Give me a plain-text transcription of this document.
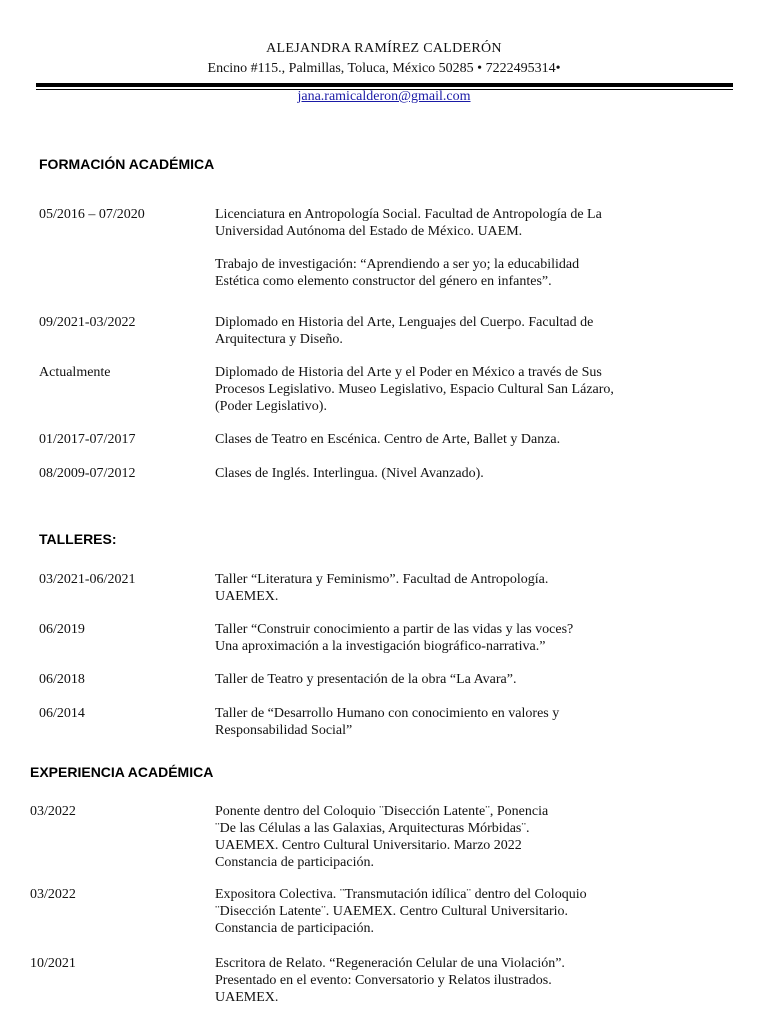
ALEJANDRA RAMÍREZ CALDERÓN
Encino #115., Palmillas, Toluca, México 50285 • 7222495314•
jana.ramicalderon@gmail.com
FORMACIÓN ACADÉMICA
05/2016 – 07/2020	Licenciatura en Antropología Social. Facultad de Antropología de La
Universidad Autónoma del Estado de México. UAEM.
Trabajo de investigación: “Aprendiendo a ser yo; la educabilidad
Estética como elemento constructor del género en infantes”.
09/2021-03/2022	Diplomado en Historia del Arte, Lenguajes del Cuerpo. Facultad de
Arquitectura y Diseño.
Actualmente	Diplomado de Historia del Arte y el Poder en México a través de Sus
Procesos Legislativo. Museo Legislativo, Espacio Cultural San Lázaro,
(Poder Legislativo).
01/2017-07/2017	Clases de Teatro en Escénica. Centro de Arte, Ballet y Danza.
08/2009-07/2012	Clases de Inglés. Interlingua. (Nivel Avanzado).
TALLERES:
03/2021-06/2021	Taller “Literatura y Feminismo”. Facultad de Antropología.
UAEMEX.
06/2019	Taller “Construir conocimiento a partir de las vidas y las voces?
Una aproximación a la investigación biográfico-narrativa.”
06/2018	Taller de Teatro y presentación de la obra “La Avara”.
06/2014	Taller de “Desarrollo Humano con conocimiento en valores y
Responsabilidad Social”
EXPERIENCIA ACADÉMICA
03/2022	Ponente dentro del Coloquio ¨Disección Latente¨, Ponencia
¨De las Células a las Galaxias, Arquitecturas Mórbidas¨.
UAEMEX. Centro Cultural Universitario. Marzo 2022
Constancia de participación.
03/2022	Expositora Colectiva. ¨Transmutación idílica¨ dentro del Coloquio
¨Disección Latente¨. UAEMEX. Centro Cultural Universitario.
Constancia de participación.
10/2021	Escritora de Relato. “Regeneración Celular de una Violación”.
Presentado en el evento: Conversatorio y Relatos ilustrados.
UAEMEX.
